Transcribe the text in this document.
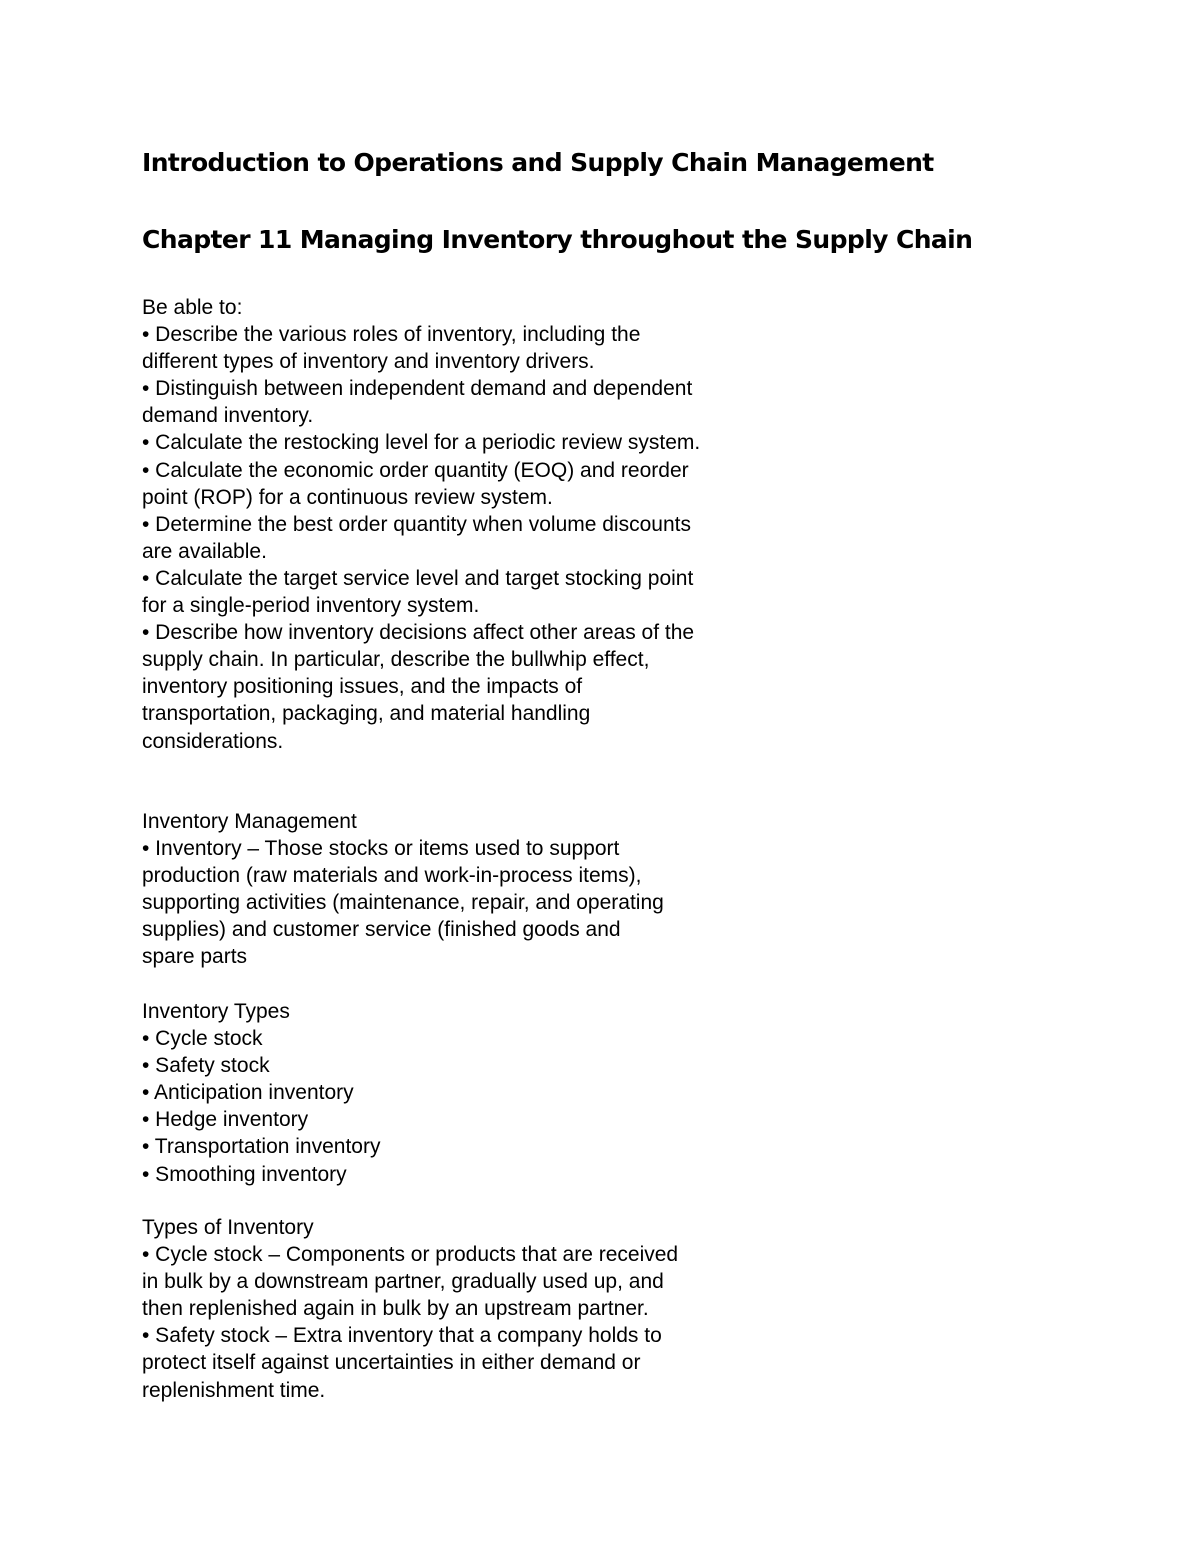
Introduction to Operations and Supply Chain Management
Chapter 11 Managing Inventory throughout the Supply Chain

Be able to:

• Describe the various roles of inventory, including the
different types of inventory and inventory drivers.
• Distinguish between independent demand and dependent
demand inventory.
• Calculate the restocking level for a periodic review system.
• Calculate the economic order quantity (EOQ) and reorder
point (ROP) for a continuous review system.
• Determine the best order quantity when volume discounts
are available.
• Calculate the target service level and target stocking point
for a single-period inventory system.
• Describe how inventory decisions affect other areas of the
supply chain. In particular, describe the bullwhip effect,
inventory positioning issues, and the impacts of
transportation, packaging, and material handling
considerations.

Inventory Management

• Inventory – Those stocks or items used to support
production (raw materials and work-in-process items),
supporting activities (maintenance, repair, and operating
supplies) and customer service (finished goods and
spare parts

Inventory Types

• Cycle stock
• Safety stock
• Anticipation inventory
• Hedge inventory
• Transportation inventory
• Smoothing inventory

Types of Inventory

• Cycle stock – Components or products that are received
in bulk by a downstream partner, gradually used up, and
then replenished again in bulk by an upstream partner.
• Safety stock – Extra inventory that a company holds to
protect itself against uncertainties in either demand or
replenishment time.
